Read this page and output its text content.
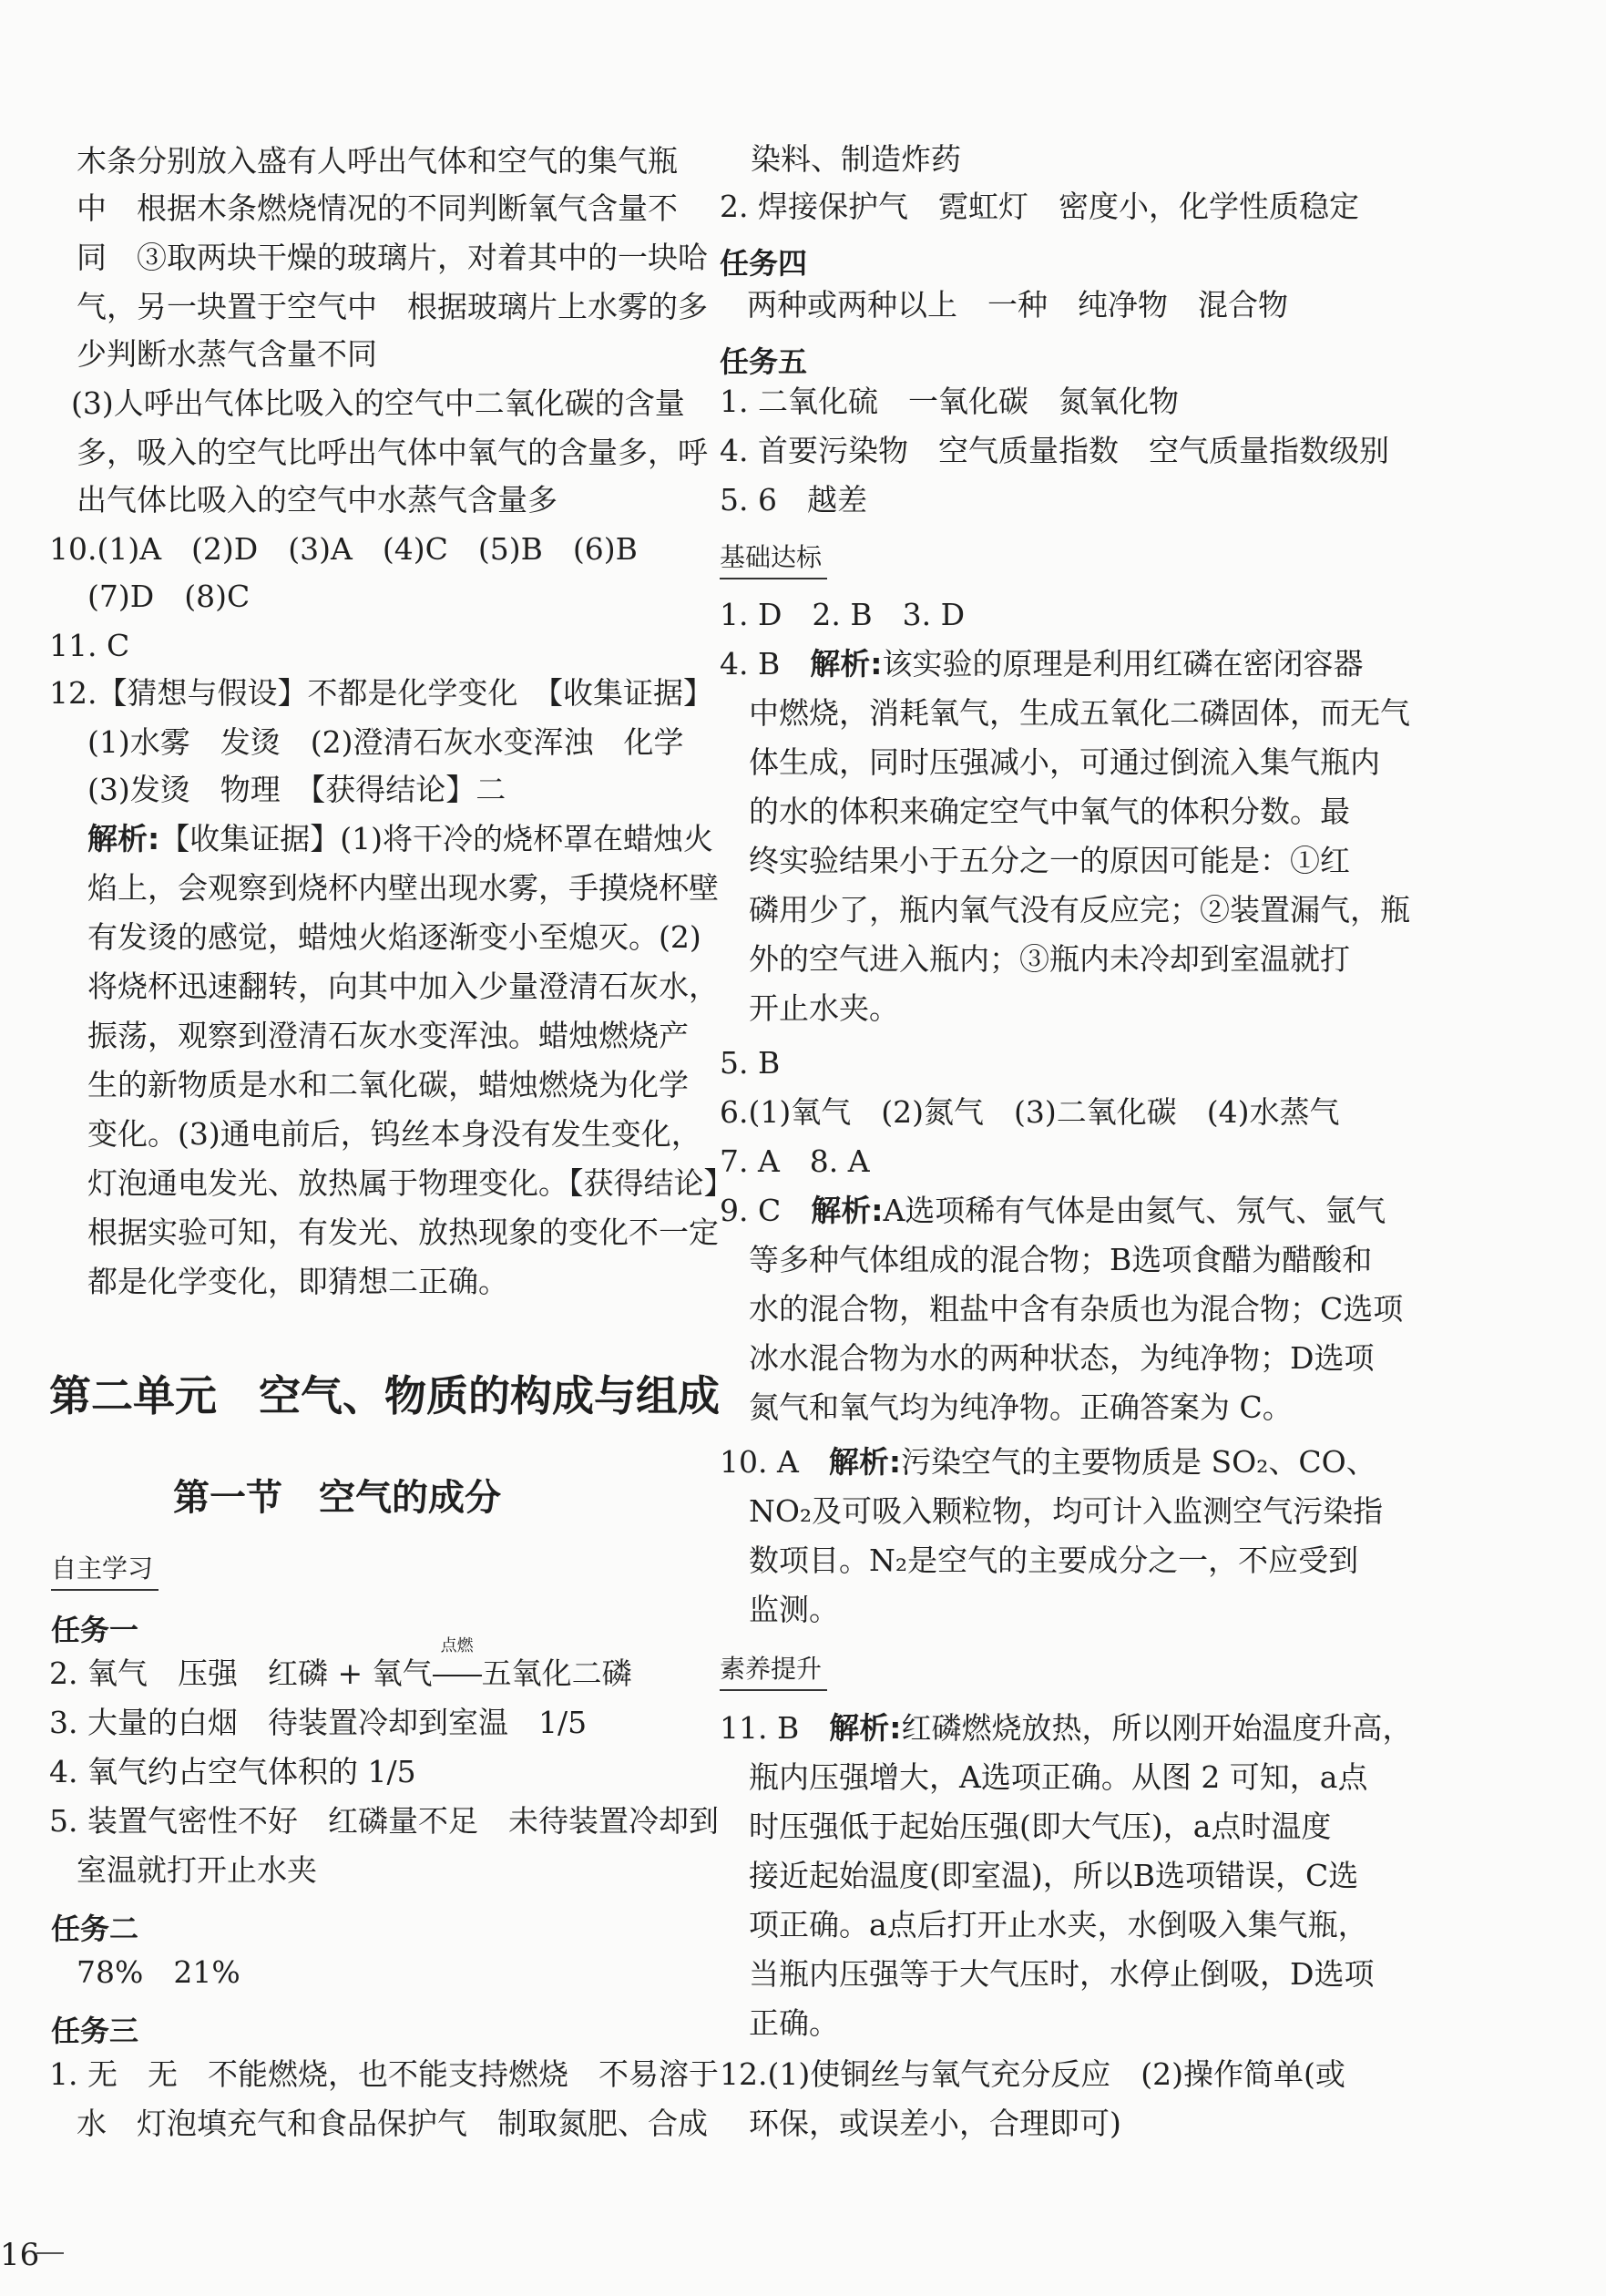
木条分别放入盛有人呼出气体和空气的集气瓶
中　根据木条燃烧情况的不同判断氧气含量不
同　③取两块干燥的玻璃片，对着其中的一块哈
气，另一块置于空气中　根据玻璃片上水雾的多
少判断水蒸气含量不同
(3)人呼出气体比吸入的空气中二氧化碳的含量
多，吸入的空气比呼出气体中氧气的含量多，呼
出气体比吸入的空气中水蒸气含量多
10.(1)A　(2)D　(3)A　(4)C　(5)B　(6)B
(7)D　(8)C
11. C
12.【猜想与假设】不都是化学变化　【收集证据】
(1)水雾　发烫　(2)澄清石灰水变浑浊　化学
(3)发烫　物理　【获得结论】二
解析:【收集证据】(1)将干冷的烧杯罩在蜡烛火
焰上，会观察到烧杯内壁出现水雾，手摸烧杯壁
有发烫的感觉，蜡烛火焰逐渐变小至熄灭。(2)
将烧杯迅速翻转，向其中加入少量澄清石灰水，
振荡，观察到澄清石灰水变浑浊。蜡烛燃烧产
生的新物质是水和二氧化碳，蜡烛燃烧为化学
变化。(3)通电前后，钨丝本身没有发生变化，
灯泡通电发光、放热属于物理变化。【获得结论】
根据实验可知，有发光、放热现象的变化不一定
都是化学变化，即猜想二正确。
第二单元　空气、物质的构成与组成
第一节　空气的成分
自主学习
任务一
2. 氧气　压强　红磷 + 氧气
点燃
五氧化二磷
3. 大量的白烟　待装置冷却到室温　1/5
4. 氧气约占空气体积的 1/5
5. 装置气密性不好　红磷量不足　未待装置冷却到
室温就打开止水夹
任务二
78%　21%
任务三
1. 无　无　不能燃烧，也不能支持燃烧　不易溶于
水　灯泡填充气和食品保护气　制取氮肥、合成
16
染料、制造炸药
2. 焊接保护气　霓虹灯　密度小，化学性质稳定
任务四
两种或两种以上　一种　纯净物　混合物
任务五
1. 二氧化硫　一氧化碳　氮氧化物
4. 首要污染物　空气质量指数　空气质量指数级别
5. 6　越差
基础达标
1. D　2. B　3. D
4. B　 解析:该实验的原理是利用红磷在密闭容器
中燃烧，消耗氧气，生成五氧化二磷固体，而无气
体生成，同时压强减小，可通过倒流入集气瓶内
的水的体积来确定空气中氧气的体积分数。最
终实验结果小于五分之一的原因可能是：①红
磷用少了，瓶内氧气没有反应完；②装置漏气，瓶
外的空气进入瓶内；③瓶内未冷却到室温就打
开止水夹。
5. B
6.(1)氧气　(2)氮气　(3)二氧化碳　(4)水蒸气
7. A　8. A
9. C　 解析:A选项稀有气体是由氦气、氖气、氩气
等多种气体组成的混合物；B选项食醋为醋酸和
水的混合物，粗盐中含有杂质也为混合物；C选项
冰水混合物为水的两种状态，为纯净物；D选项
氮气和氧气均为纯净物。正确答案为 C。
10. A　 解析:污染空气的主要物质是 SO₂、CO、
NO₂及可吸入颗粒物，均可计入监测空气污染指
数项目。N₂是空气的主要成分之一，不应受到
监测。
素养提升
11. B　 解析:红磷燃烧放热，所以刚开始温度升高，
瓶内压强增大，A选项正确。从图 2 可知，a点
时压强低于起始压强(即大气压)，a点时温度
接近起始温度(即室温)，所以B选项错误，C选
项正确。a点后打开止水夹，水倒吸入集气瓶，
当瓶内压强等于大气压时，水停止倒吸，D选项
正确。
12.(1)使铜丝与氧气充分反应　(2)操作简单(或
环保，或误差小，合理即可)
